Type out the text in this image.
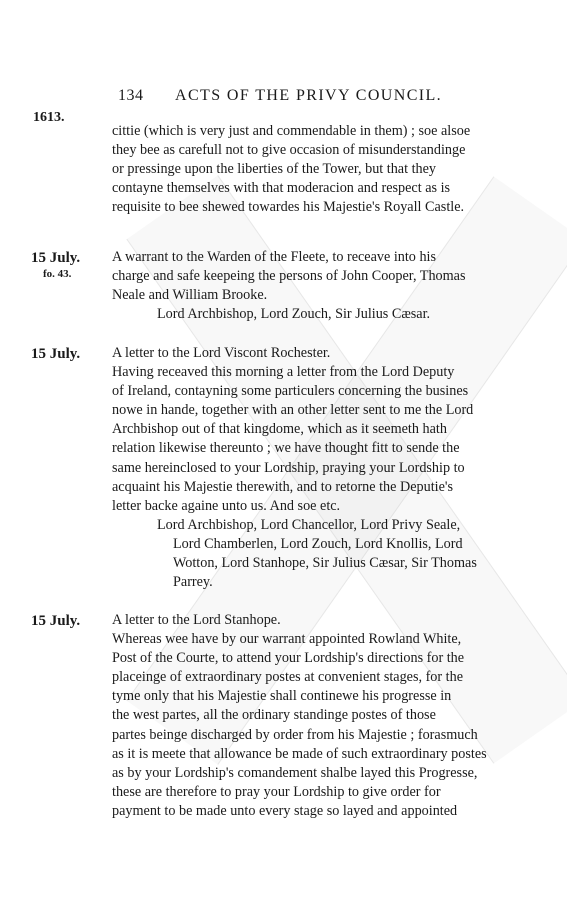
134 ACTS OF THE PRIVY COUNCIL.
1613.
cittie (which is very just and commendable in them) ; soe alsoe
they bee as carefull not to give occasion of misunderstandinge
or pressinge upon the liberties of the Tower, but that they
contayne themselves with that moderacion and respect as is
requisite to bee shewed towardes his Majestie's Royall Castle.
15 July.
fo. 43.
A warrant to the Warden of the Fleete, to receave into his
charge and safe keepeing the persons of John Cooper, Thomas
Neale and William Brooke.
Lord Archbishop, Lord Zouch, Sir Julius Cæsar.
15 July. A letter to the Lord Viscont Rochester.
Having receaved this morning a letter from the Lord Deputy
of Ireland, contayning some particulers concerning the busines
nowe in hande, together with an other letter sent to me the Lord
Archbishop out of that kingdome, which as it seemeth hath
relation likewise thereunto ; we have thought fitt to sende the
same hereinclosed to your Lordship, praying your Lordship to
acquaint his Majestie therewith, and to retorne the Deputie's
letter backe againe unto us. And soe etc.
Lord Archbishop, Lord Chancellor, Lord Privy Seale,
Lord Chamberlen, Lord Zouch, Lord Knollis, Lord
Wotton, Lord Stanhope, Sir Julius Cæsar, Sir Thomas
Parrey.
15 July. A letter to the Lord Stanhope.
Whereas wee have by our warrant appointed Rowland White,
Post of the Courte, to attend your Lordship's directions for the
placeinge of extraordinary postes at convenient stages, for the
tyme only that his Majestie shall continewe his progresse in
the west partes, all the ordinary standinge postes of those
partes beinge discharged by order from his Majestie ; forasmuch
as it is meete that allowance be made of such extraordinary postes
as by your Lordship's comandement shalbe layed this Progresse,
these are therefore to pray your Lordship to give order for
payment to be made unto every stage so layed and appointed
